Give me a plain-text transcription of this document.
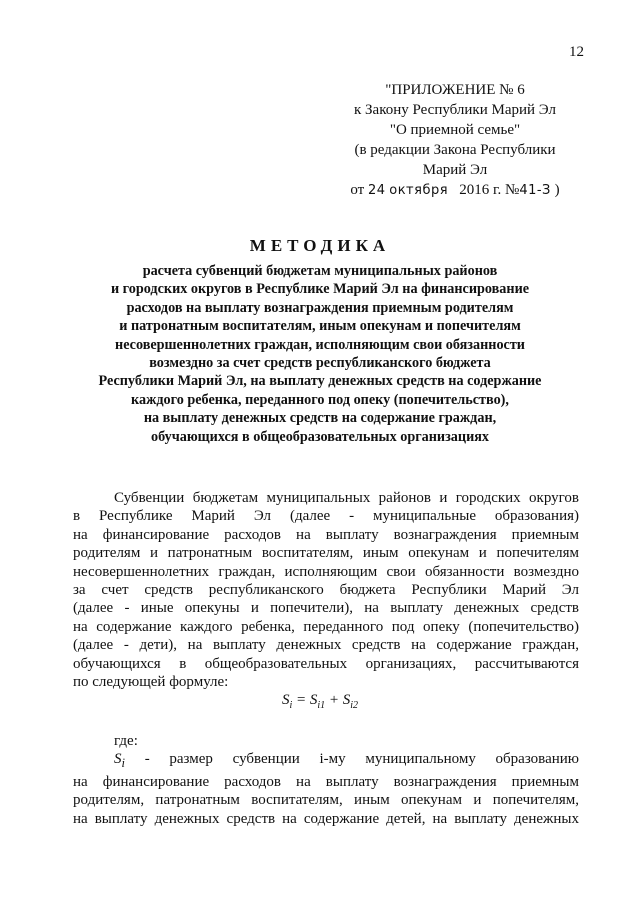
12
"ПРИЛОЖЕНИЕ № 6
к Закону Республики Марий Эл
"О приемной семье"
(в редакции Закона Республики
Марий Эл
от 24 октября 2016 г. №41-З )
МЕТОДИКА
расчета субвенций бюджетам муниципальных районов
и городских округов в Республике Марий Эл на финансирование
расходов на выплату вознаграждения приемным родителям
и патронатным воспитателям, иным опекунам и попечителям
несовершеннолетних граждан, исполняющим свои обязанности
возмездно за счет средств республиканского бюджета
Республики Марий Эл, на выплату денежных средств на содержание
каждого ребенка, переданного под опеку (попечительство),
на выплату денежных средств на содержание граждан,
обучающихся в общеобразовательных организациях
Субвенции бюджетам муниципальных районов и городских округов
в Республике Марий Эл (далее - муниципальные образования)
на финансирование расходов на выплату вознаграждения приемным
родителям и патронатным воспитателям, иным опекунам и попечителям
несовершеннолетних граждан, исполняющим свои обязанности возмездно
за счет средств республиканского бюджета Республики Марий Эл
(далее - иные опекуны и попечители), на выплату денежных средств
на содержание каждого ребенка, переданного под опеку (попечительство)
(далее - дети), на выплату денежных средств на содержание граждан,
обучающихся в общеобразовательных организациях, рассчитываются
по следующей формуле:
$S_i = S_{i1} + S_{i2}$
где:
$S_i$ - размер субвенции i-му муниципальному образованию
на финансирование расходов на выплату вознаграждения приемным
родителям, патронатным воспитателям, иным опекунам и попечителям,
на выплату денежных средств на содержание детей, на выплату денежных
